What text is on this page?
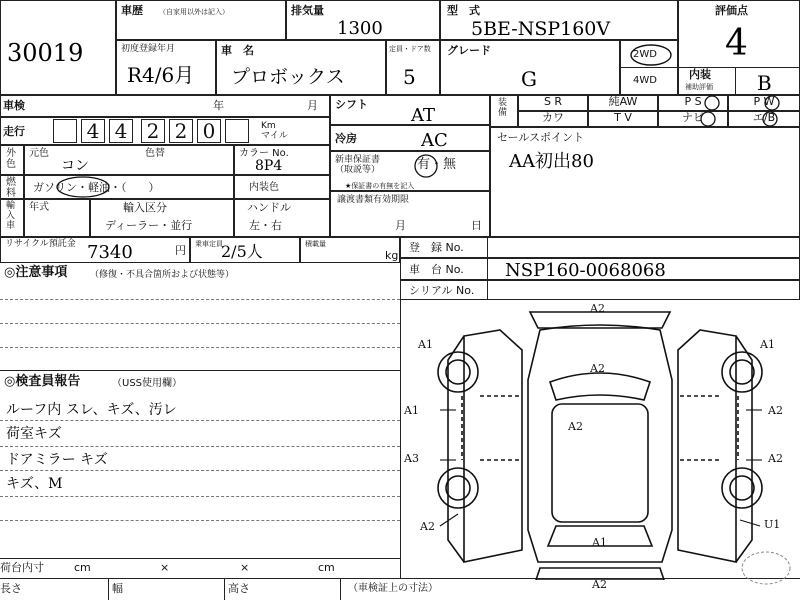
30019
車歴 （自家用以外は記入）	排気量
1300
型　式
5BE-NSP160V
評価点
4
内装
補助評価 B
初度登録年月
R4/6月
車　名
プロボックス
定員・ドア数
5
グレード
G
2WD
4WD
車検	年	月
走行	4 4 2 2 0	Km
マイル
シフト
AT
冷房	AC
装備
S R	純AW	P S	P W
カワ	T V	ナビ	エ/B
セールスポイント
AA初出80
外色
元色
コン
色替	カラー No.
8P4
燃料 ガソリン・軽油・（　　）	内装色
新車保証書
（取説等）	有・無
★保証書の有無を記入
輸入車
年式	輸入区分
ディーラー・並行
ハンドル
左・右
譲渡書類有効期限
月	日
リサイクル預託金 7340	円 乗車定員
2/5人	積載量
kg
登　録 No.
車　台 No. NSP160-0068068
シリアル No.
◎注意事項	（修復・不具合箇所および状態等）
◎検査員報告	（USS使用欄）
ルーフ内 スレ、キズ、汚レ
荷室キズ
ドアミラー キズ
キズ、M
荷台内寸	cm	×	×	cm
長さ	幅	高さ	（車検証上の寸法）
A2
A1	A1
A2
A1
A2
A2
A3	A2
A2	U1
A1
A2
